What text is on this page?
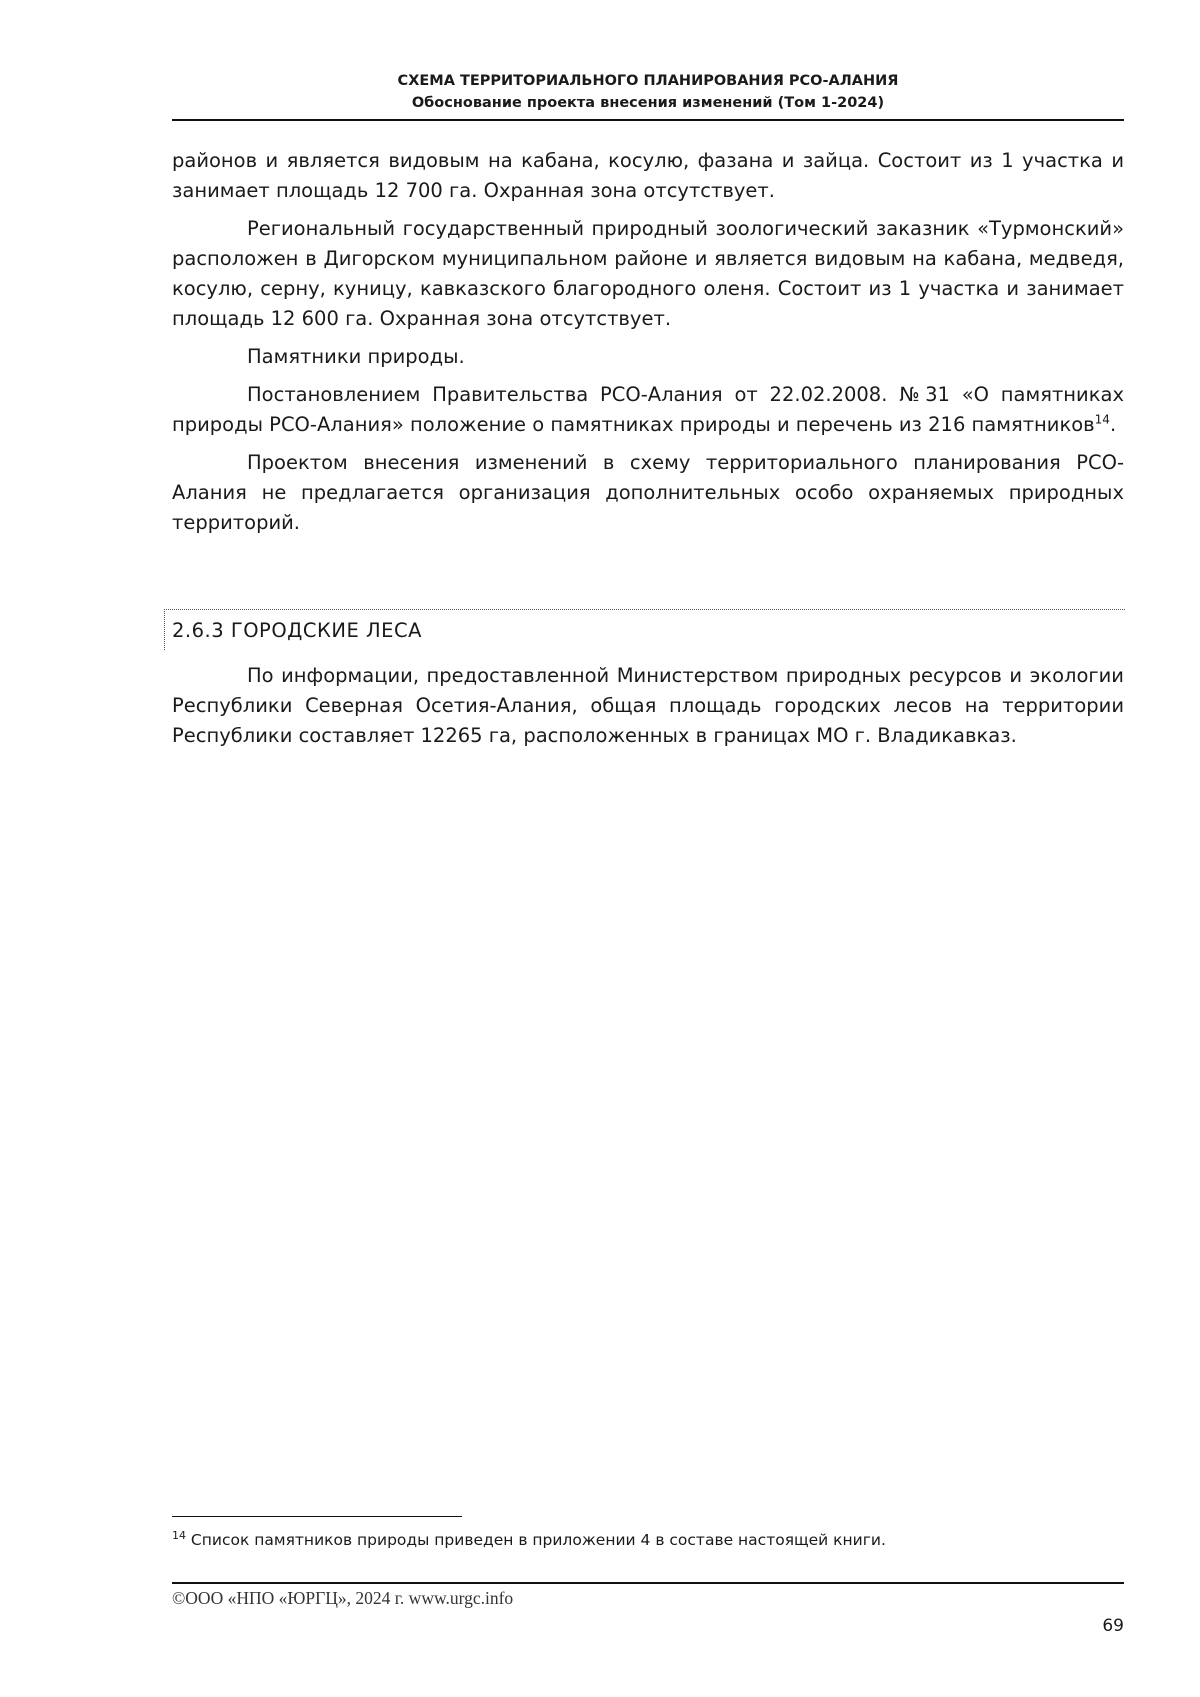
СХЕМА ТЕРРИТОРИАЛЬНОГО ПЛАНИРОВАНИЯ РСО-АЛАНИЯ
Обоснование проекта внесения изменений (Том 1-2024)

районов и является видовым на кабана, косулю, фазана и зайца. Состоит из 1 участка и занимает площадь 12 700 га. Охранная зона отсутствует.

Региональный государственный природный зоологический заказник «Турмонский» расположен в Дигорском муниципальном районе и является видовым на кабана, медведя, косулю, серну, куницу, кавказского благородного оленя. Состоит из 1 участка и занимает площадь 12 600 га. Охранная зона отсутствует.

Памятники природы.

Постановлением Правительства РСО-Алания от 22.02.2008. №31 «О памятниках природы РСО-Алания» положение о памятниках природы и перечень из 216 памятников$^{14}$.

Проектом внесения изменений в схему территориального планирования РСО-Алания не предлагается организация дополнительных особо охраняемых природных территорий.

2.6.3 ГОРОДСКИЕ ЛЕСА

По информации, предоставленной Министерством природных ресурсов и экологии Республики Северная Осетия-Алания, общая площадь городских лесов на территории Республики составляет 12265 га, расположенных в границах МО г. Владикавказ.

$^{14}$ Список памятников природы приведен в приложении 4 в составе настоящей книги.
©ООО «НПО «ЮРГЦ», 2024 г. www.urgc.info
69
